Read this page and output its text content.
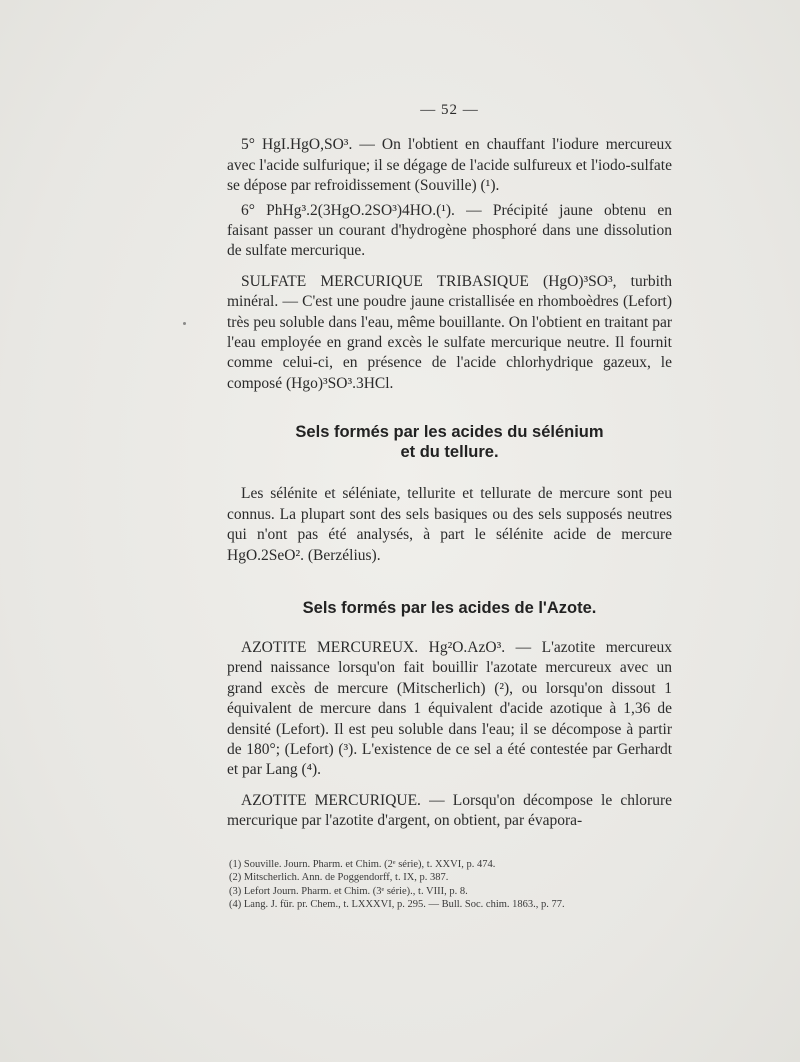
— 52 —

5° HgI.HgO,SO³. — On l'obtient en chauffant l'iodure mercureux avec l'acide sulfurique; il se dégage de l'acide sulfureux et l'iodo-sulfate se dépose par refroidissement (Souville) (¹).

6° PhHg³.2(3HgO.2SO³)4HO.(¹). — Précipité jaune obtenu en faisant passer un courant d'hydrogène phosphoré dans une dissolution de sulfate mercurique.

SULFATE MERCURIQUE TRIBASIQUE (HgO)³SO³, turbith minéral. — C'est une poudre jaune cristallisée en rhomboèdres (Lefort) très peu soluble dans l'eau, même bouillante. On l'obtient en traitant par l'eau employée en grand excès le sulfate mercurique neutre. Il fournit comme celui-ci, en présence de l'acide chlorhydrique gazeux, le composé (Hgo)³SO³.3HCl.

Sels formés par les acides du sélénium
et du tellure.

Les sélénite et séléniate, tellurite et tellurate de mercure sont peu connus. La plupart sont des sels basiques ou des sels supposés neutres qui n'ont pas été analysés, à part le sélénite acide de mercure HgO.2SeO². (Berzélius).

Sels formés par les acides de l'Azote.

AZOTITE MERCUREUX. Hg²O.AzO³. — L'azotite mercureux prend naissance lorsqu'on fait bouillir l'azotate mercureux avec un grand excès de mercure (Mitscherlich) (²), ou lorsqu'on dissout 1 équivalent de mercure dans 1 équivalent d'acide azotique à 1,36 de densité (Lefort). Il est peu soluble dans l'eau; il se décompose à partir de 180°; (Lefort) (³). L'existence de ce sel a été contestée par Gerhardt et par Lang (⁴).

AZOTITE MERCURIQUE. — Lorsqu'on décompose le chlorure mercurique par l'azotite d'argent, on obtient, par évapora-

(1) Souville. Journ. Pharm. et Chim. (2ᵉ série), t. XXVI, p. 474.
(2) Mitscherlich. Ann. de Poggendorff, t. IX, p. 387.
(3) Lefort Journ. Pharm. et Chim. (3ᵉ série)., t. VIII, p. 8.
(4) Lang. J. für. pr. Chem., t. LXXXVI, p. 295. — Bull. Soc. chim. 1863., p. 77.
